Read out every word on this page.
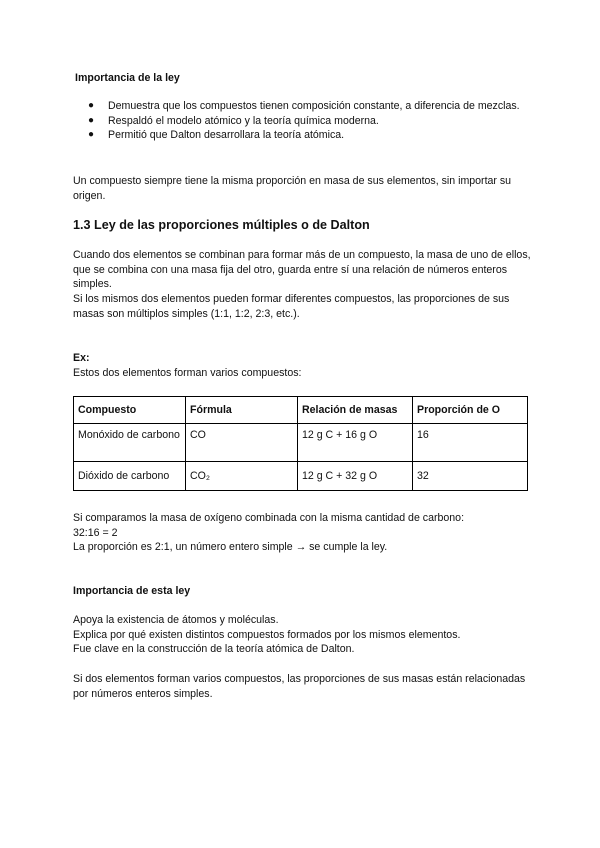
Importancia de la ley
● Demuestra que los compuestos tienen composición constante, a diferencia de mezclas.
● Respaldó el modelo atómico y la teoría química moderna.
● Permitió que Dalton desarrollara la teoría atómica.
Un compuesto siempre tiene la misma proporción en masa de sus elementos, sin importar su origen.
1.3 Ley de las proporciones múltiples o de Dalton
Cuando dos elementos se combinan para formar más de un compuesto, la masa de uno de ellos, que se combina con una masa fija del otro, guarda entre sí una relación de números enteros simples.
Si los mismos dos elementos pueden formar diferentes compuestos, las proporciones de sus masas son múltiplos simples (1:1, 1:2, 2:3, etc.).
Ex:
Estos dos elementos forman varios compuestos:
Compuesto	Fórmula	Relación de masas	Proporción de O
Monóxido de carbono	CO	12 g C + 16 g O	16
Dióxido de carbono	CO₂	12 g C + 32 g O	32
Si comparamos la masa de oxígeno combinada con la misma cantidad de carbono:
32:16 = 2
La proporción es 2:1, un número entero simple → se cumple la ley.
Importancia de esta ley
Apoya la existencia de átomos y moléculas.
Explica por qué existen distintos compuestos formados por los mismos elementos.
Fue clave en la construcción de la teoría atómica de Dalton.
Si dos elementos forman varios compuestos, las proporciones de sus masas están relacionadas por números enteros simples.
